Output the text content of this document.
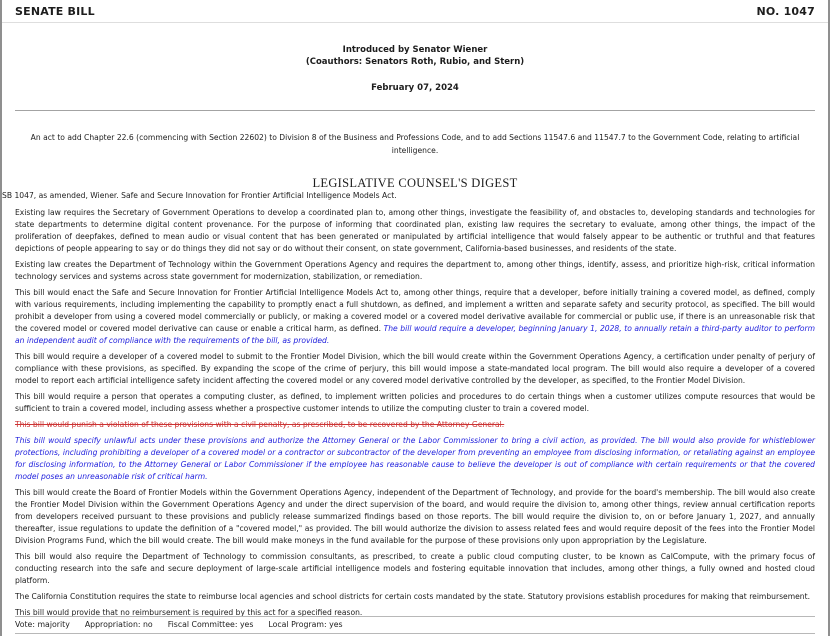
SENATE BILL	NO. 1047
Introduced by Senator Wiener
(Coauthors: Senators Roth, Rubio, and Stern)
February 07, 2024
An act to add Chapter 22.6 (commencing with Section 22602) to Division 8 of the Business and Professions Code, and to add Sections 11547.6 and 11547.7 to the Government Code, relating to artificial intelligence.
LEGISLATIVE COUNSEL'S DIGEST
SB 1047, as amended, Wiener. Safe and Secure Innovation for Frontier Artificial Intelligence Models Act.

Existing law requires the Secretary of Government Operations to develop a coordinated plan to, among other things, investigate the feasibility of, and obstacles to, developing standards and technologies for state departments to determine digital content provenance. For the purpose of informing that coordinated plan, existing law requires the secretary to evaluate, among other things, the impact of the proliferation of deepfakes, defined to mean audio or visual content that has been generated or manipulated by artificial intelligence that would falsely appear to be authentic or truthful and that features depictions of people appearing to say or do things they did not say or do without their consent, on state government, California-based businesses, and residents of the state.

Existing law creates the Department of Technology within the Government Operations Agency and requires the department to, among other things, identify, assess, and prioritize high-risk, critical information technology services and systems across state government for modernization, stabilization, or remediation.

This bill would enact the Safe and Secure Innovation for Frontier Artificial Intelligence Models Act to, among other things, require that a developer, before initially training a covered model, as defined, comply with various requirements, including implementing the capability to promptly enact a full shutdown, as defined, and implement a written and separate safety and security protocol, as specified. The bill would prohibit a developer from using a covered model commercially or publicly, or making a covered model or a covered model derivative available for commercial or public use, if there is an unreasonable risk that the covered model or covered model derivative can cause or enable a critical harm, as defined. The bill would require a developer, beginning January 1, 2028, to annually retain a third-party auditor to perform an independent audit of compliance with the requirements of the bill, as provided.

This bill would require a developer of a covered model to submit to the Frontier Model Division, which the bill would create within the Government Operations Agency, a certification under penalty of perjury of compliance with these provisions, as specified. By expanding the scope of the crime of perjury, this bill would impose a state-mandated local program. The bill would also require a developer of a covered model to report each artificial intelligence safety incident affecting the covered model or any covered model derivative controlled by the developer, as specified, to the Frontier Model Division.

This bill would require a person that operates a computing cluster, as defined, to implement written policies and procedures to do certain things when a customer utilizes compute resources that would be sufficient to train a covered model, including assess whether a prospective customer intends to utilize the computing cluster to train a covered model.

This bill would punish a violation of these provisions with a civil penalty, as prescribed, to be recovered by the Attorney General.

This bill would specify unlawful acts under these provisions and authorize the Attorney General or the Labor Commissioner to bring a civil action, as provided. The bill would also provide for whistleblower protections, including prohibiting a developer of a covered model or a contractor or subcontractor of the developer from preventing an employee from disclosing information, or retaliating against an employee for disclosing information, to the Attorney General or Labor Commissioner if the employee has reasonable cause to believe the developer is out of compliance with certain requirements or that the covered model poses an unreasonable risk of critical harm.

This bill would create the Board of Frontier Models within the Government Operations Agency, independent of the Department of Technology, and provide for the board's membership. The bill would also create the Frontier Model Division within the Government Operations Agency and under the direct supervision of the board, and would require the division to, among other things, review annual certification reports from developers received pursuant to these provisions and publicly release summarized findings based on those reports. The bill would require the division to, on or before January 1, 2027, and annually thereafter, issue regulations to update the definition of a "covered model," as provided. The bill would authorize the division to assess related fees and would require deposit of the fees into the Frontier Model Division Programs Fund, which the bill would create. The bill would make moneys in the fund available for the purpose of these provisions only upon appropriation by the Legislature.

This bill would also require the Department of Technology to commission consultants, as prescribed, to create a public cloud computing cluster, to be known as CalCompute, with the primary focus of conducting research into the safe and secure deployment of large-scale artificial intelligence models and fostering equitable innovation that includes, among other things, a fully owned and hosted cloud platform.

The California Constitution requires the state to reimburse local agencies and school districts for certain costs mandated by the state. Statutory provisions establish procedures for making that reimbursement.

This bill would provide that no reimbursement is required by this act for a specified reason.

Vote: majority Appropriation: no Fiscal Committee: yes Local Program: yes
